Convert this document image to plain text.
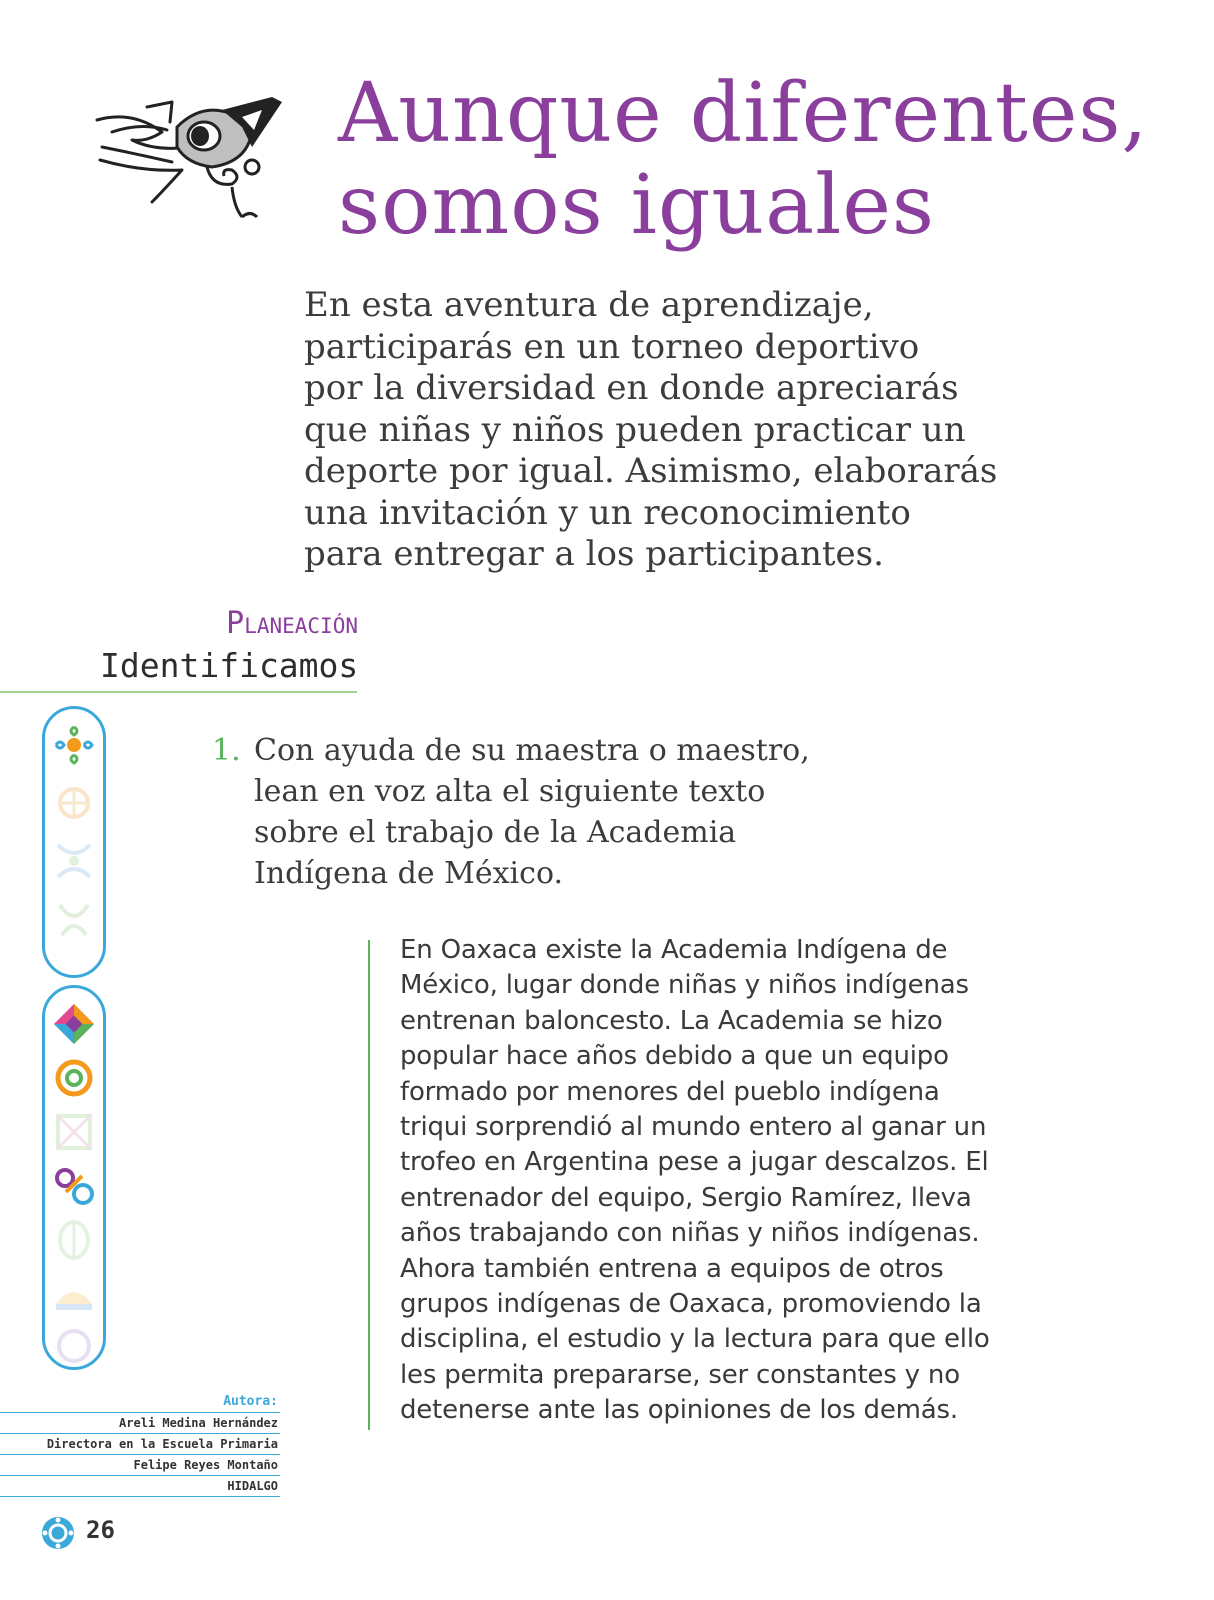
Aunque diferentes,
somos iguales

En esta aventura de aprendizaje,
participarás en un torneo deportivo
por la diversidad en donde apreciarás
que niñas y niños pueden practicar un
deporte por igual. Asimismo, elaborarás
una invitación y un reconocimiento
para entregar a los participantes.

Planeación
Identificamos
1. Con ayuda de su maestra o maestro,
lean en voz alta el siguiente texto
sobre el trabajo de la Academia
Indígena de México.

En Oaxaca existe la Academia Indígena de
México, lugar donde niñas y niños indígenas
entrenan baloncesto. La Academia se hizo
popular hace años debido a que un equipo
formado por menores del pueblo indígena
triqui sorprendió al mundo entero al ganar un
trofeo en Argentina pese a jugar descalzos. El
entrenador del equipo, Sergio Ramírez, lleva
años trabajando con niñas y niños indígenas.
Ahora también entrena a equipos de otros
grupos indígenas de Oaxaca, promoviendo la
disciplina, el estudio y la lectura para que ello
les permita prepararse, ser constantes y no
detenerse ante las opiniones de los demás.

Autora:
Areli Medina Hernández
Directora en la Escuela Primaria
Felipe Reyes Montaño
HIDALGO
26
